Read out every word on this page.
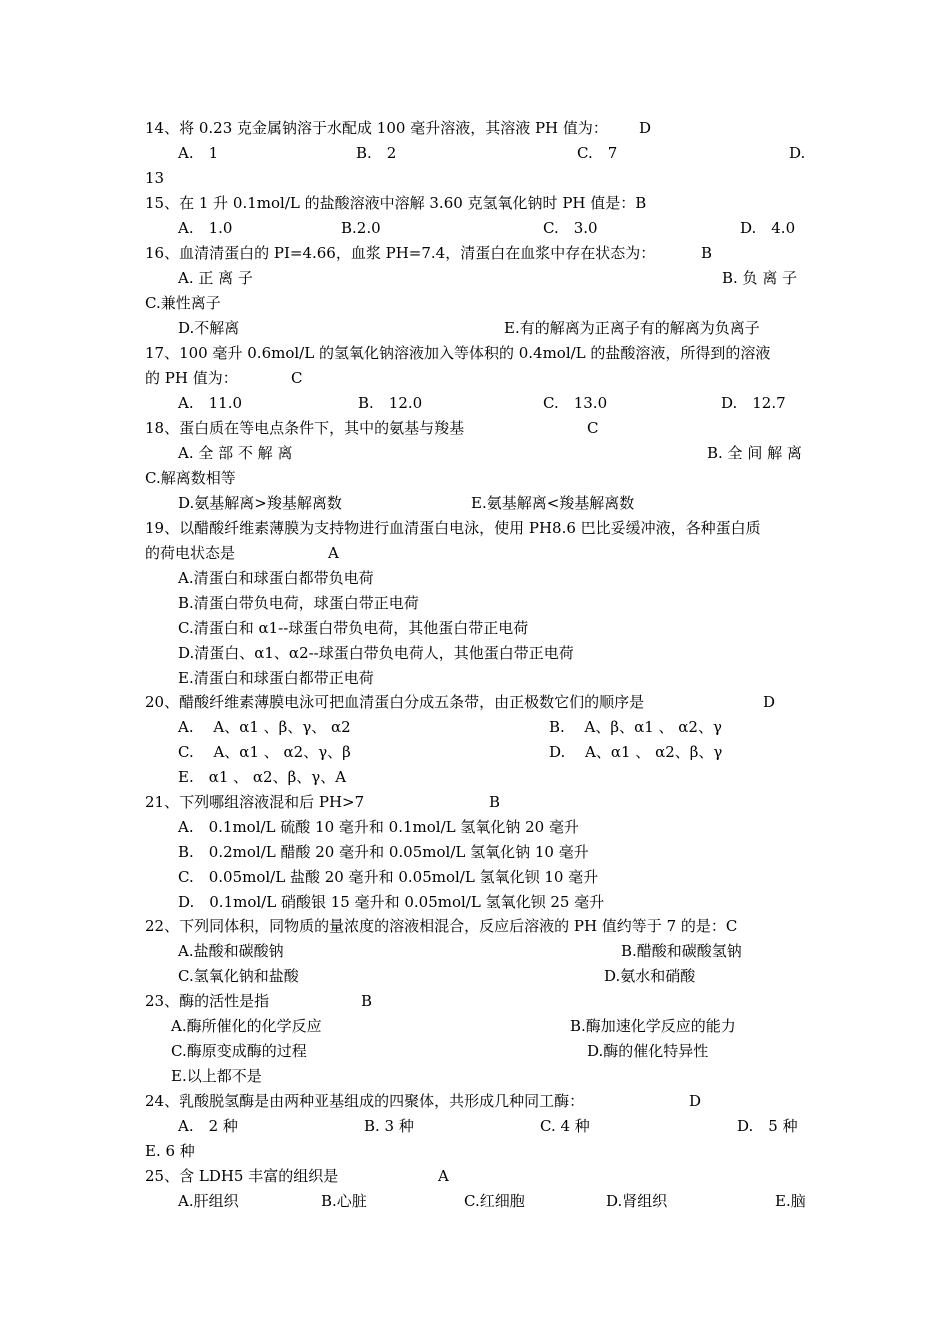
14、将 0.23 克金属钠溶于水配成 100 毫升溶液，其溶液 PH 值为： D
A.　1	B.　2	C.　7	D.
13
15、在 1 升 0.1mol/L 的盐酸溶液中溶解 3.60 克氢氧化钠时 PH 值是：B
A.　1.0	B.2.0	C.　3.0	D.　4.0
16、血清清蛋白的 PI=4.66，血浆 PH=7.4，清蛋白在血浆中存在状态为：	B
A. 正 离 子	B. 负 离 子
C.兼性离子
D.不解离	E.有的解离为正离子有的解离为负离子
17、100 毫升 0.6mol/L 的氢氧化钠溶液加入等体积的 0.4mol/L 的盐酸溶液，所得到的溶液
的 PH 值为：	C
A.　11.0	B.　12.0	C.　13.0	D.　12.7
18、蛋白质在等电点条件下，其中的氨基与羧基	C
A. 全 部 不 解 离	B. 全 间 解 离
C.解离数相等
D.氨基解离>羧基解离数	E.氨基解离<羧基解离数
19、以醋酸纤维素薄膜为支持物进行血清蛋白电泳，使用 PH8.6 巴比妥缓冲液，各种蛋白质
的荷电状态是	A
A.清蛋白和球蛋白都带负电荷
B.清蛋白带负电荷，球蛋白带正电荷
C.清蛋白和 α1--球蛋白带负电荷，其他蛋白带正电荷
D.清蛋白、α1、α2--球蛋白带负电荷人，其他蛋白带正电荷
E.清蛋白和球蛋白都带正电荷
20、醋酸纤维素薄膜电泳可把血清蛋白分成五条带，由正极数它们的顺序是	D
A.　 A、α1 、β、γ、 α2	B.　 A、β、α1 、 α2、γ
C.　 A、α1 、 α2、γ、β	D.　 A、α1 、 α2、β、γ
E.　α1 、 α2、β、γ、A
21、下列哪组溶液混和后 PH>7	B
A.　0.1mol/L 硫酸 10 毫升和 0.1mol/L 氢氧化钠 20 毫升
B.　0.2mol/L 醋酸 20 毫升和 0.05mol/L 氢氧化钠 10 毫升
C.　0.05mol/L 盐酸 20 毫升和 0.05mol/L 氢氧化钡 10 毫升
D.　0.1mol/L 硝酸银 15 毫升和 0.05mol/L 氢氧化钡 25 毫升
22、下列同体积，同物质的量浓度的溶液相混合，反应后溶液的 PH 值约等于 7 的是：C
A.盐酸和碳酸钠	B.醋酸和碳酸氢钠
C.氢氧化钠和盐酸	D.氨水和硝酸
23、酶的活性是指	B
A.酶所催化的化学反应	B.酶加速化学反应的能力
C.酶原变成酶的过程	D.酶的催化特异性
E.以上都不是
24、乳酸脱氢酶是由两种亚基组成的四聚体，共形成几种同工酶：	D
A.　2 种	B. 3 种	C. 4 种	D.　5 种
E. 6 种
25、含 LDH5 丰富的组织是	A
A.肝组织	B.心脏	C.红细胞	D.肾组织	E.脑
